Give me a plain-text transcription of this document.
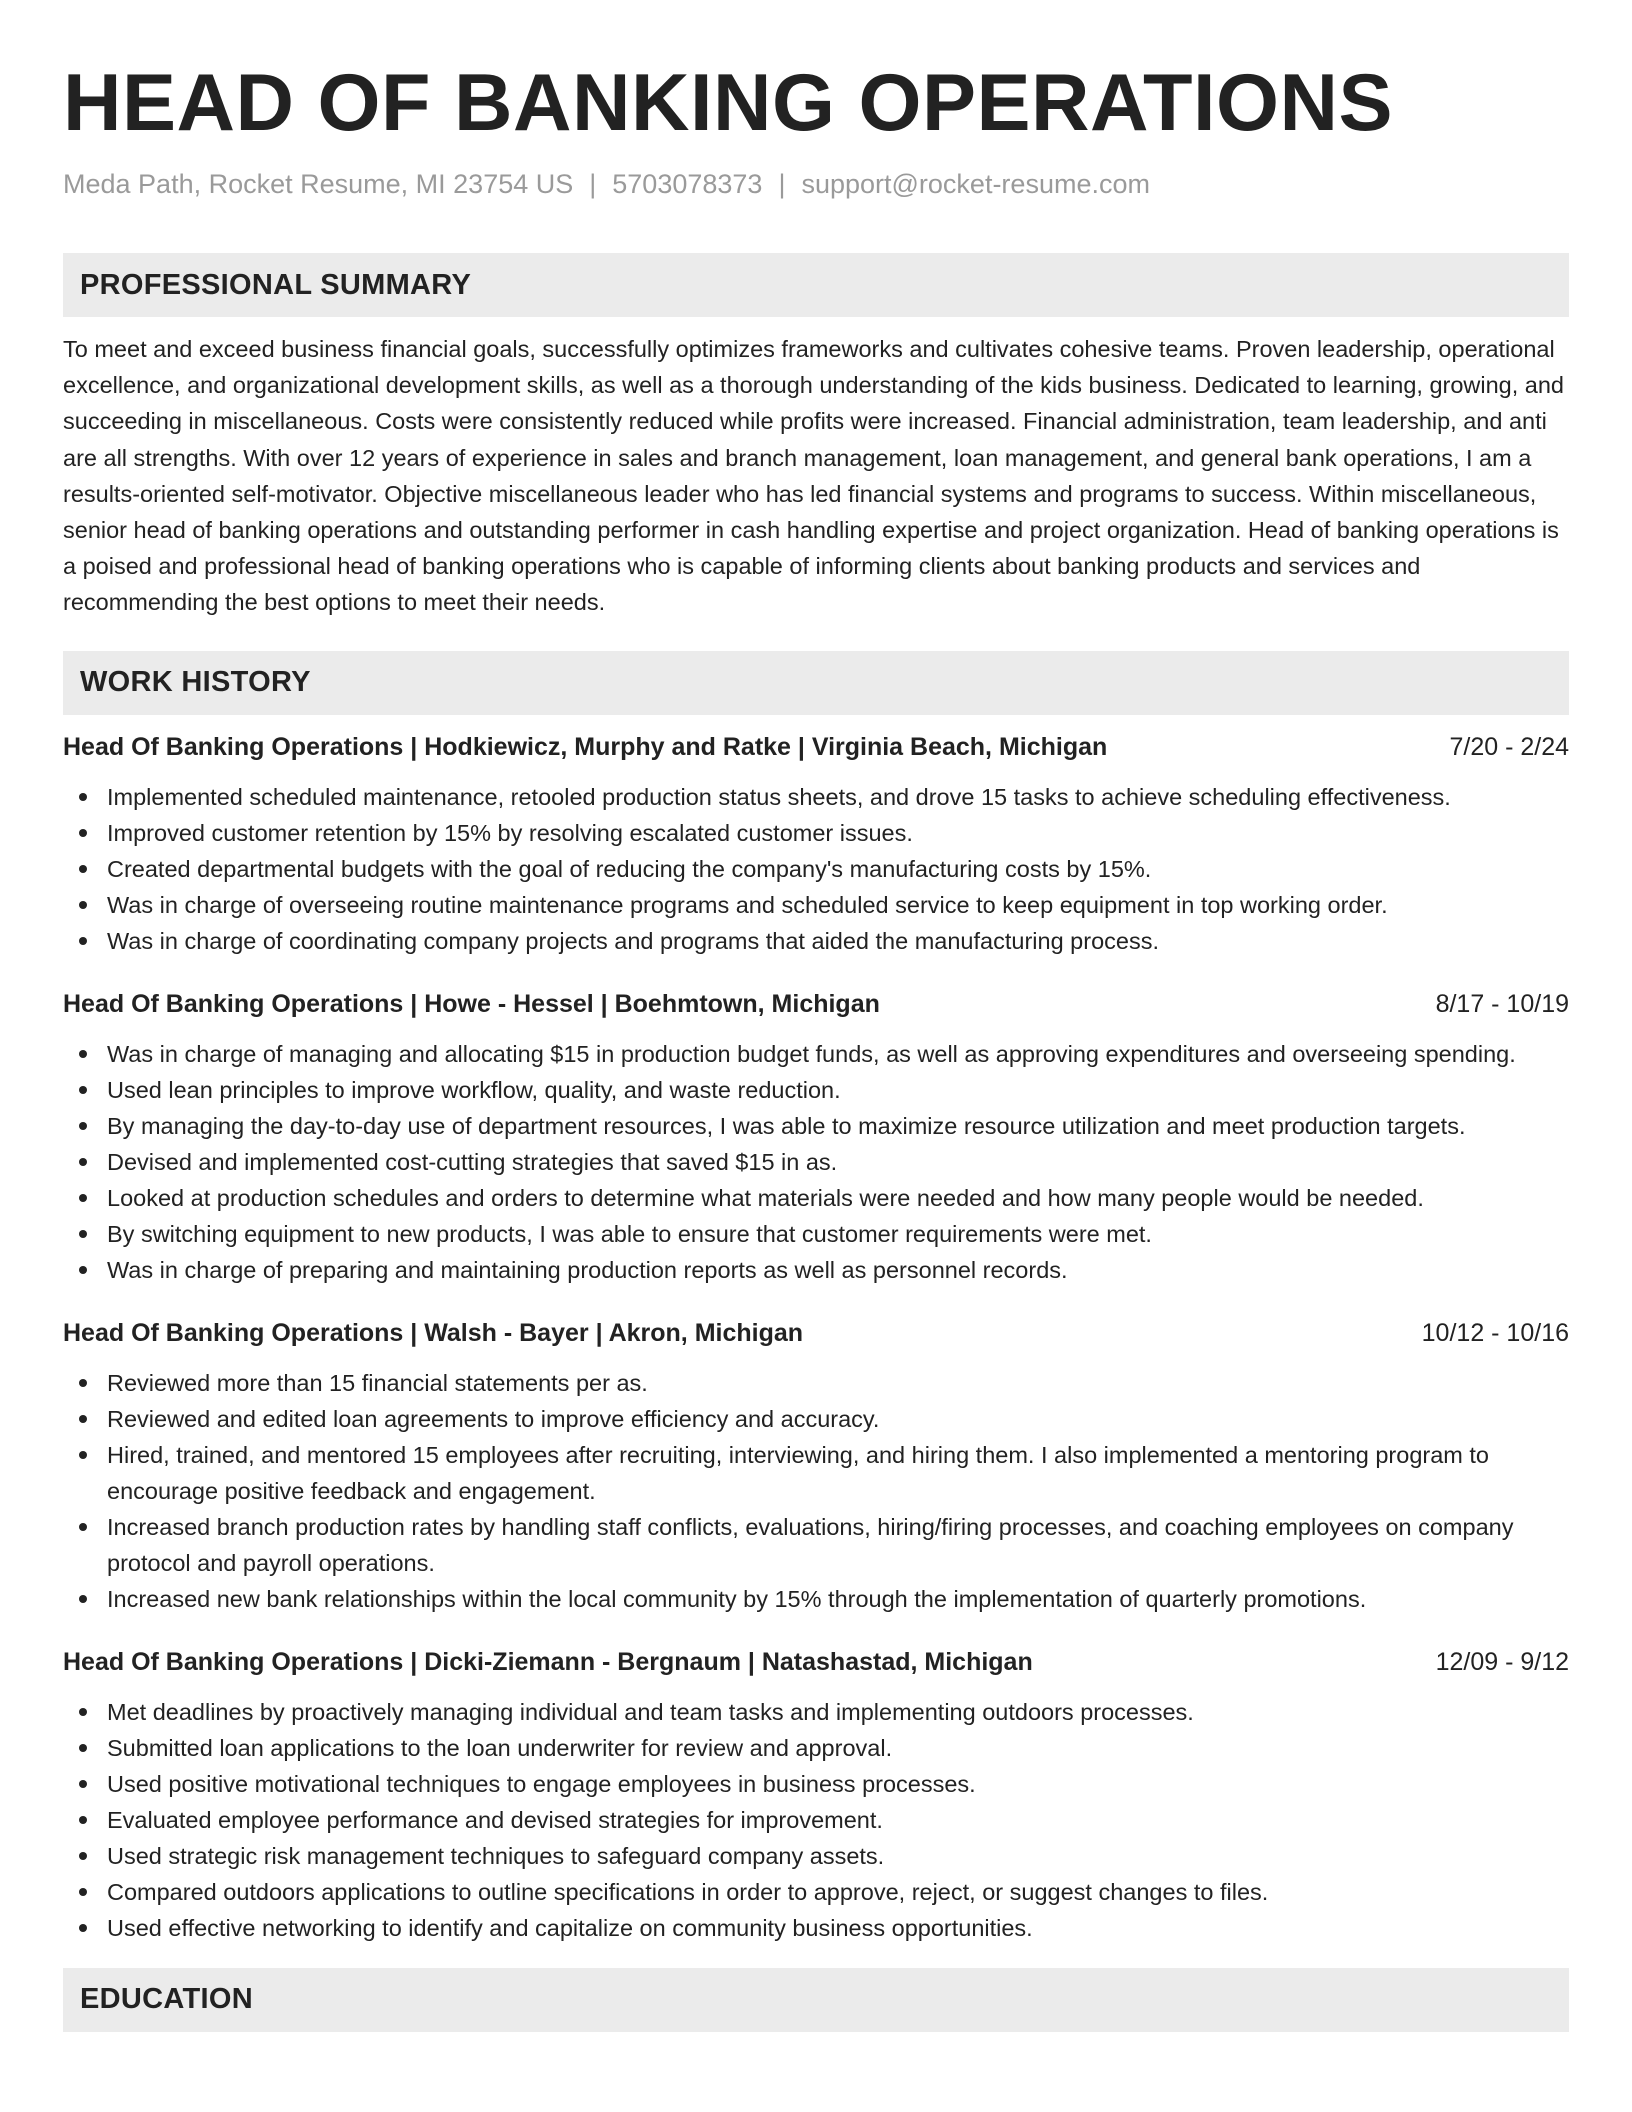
HEAD OF BANKING OPERATIONS
Meda Path, Rocket Resume, MI 23754 US | 5703078373 | support@rocket-resume.com
PROFESSIONAL SUMMARY
To meet and exceed business financial goals, successfully optimizes frameworks and cultivates cohesive teams. Proven leadership, operational excellence, and organizational development skills, as well as a thorough understanding of the kids business. Dedicated to learning, growing, and succeeding in miscellaneous. Costs were consistently reduced while profits were increased. Financial administration, team leadership, and anti are all strengths. With over 12 years of experience in sales and branch management, loan management, and general bank operations, I am a results-oriented self-motivator. Objective miscellaneous leader who has led financial systems and programs to success. Within miscellaneous, senior head of banking operations and outstanding performer in cash handling expertise and project organization. Head of banking operations is a poised and professional head of banking operations who is capable of informing clients about banking products and services and recommending the best options to meet their needs.
WORK HISTORY
Head Of Banking Operations | Hodkiewicz, Murphy and Ratke | Virginia Beach, Michigan	7/20 - 2/24
Implemented scheduled maintenance, retooled production status sheets, and drove 15 tasks to achieve scheduling effectiveness.
Improved customer retention by 15% by resolving escalated customer issues.
Created departmental budgets with the goal of reducing the company's manufacturing costs by 15%.
Was in charge of overseeing routine maintenance programs and scheduled service to keep equipment in top working order.
Was in charge of coordinating company projects and programs that aided the manufacturing process.
Head Of Banking Operations | Howe - Hessel | Boehmtown, Michigan	8/17 - 10/19
Was in charge of managing and allocating $15 in production budget funds, as well as approving expenditures and overseeing spending.
Used lean principles to improve workflow, quality, and waste reduction.
By managing the day-to-day use of department resources, I was able to maximize resource utilization and meet production targets.
Devised and implemented cost-cutting strategies that saved $15 in as.
Looked at production schedules and orders to determine what materials were needed and how many people would be needed.
By switching equipment to new products, I was able to ensure that customer requirements were met.
Was in charge of preparing and maintaining production reports as well as personnel records.
Head Of Banking Operations | Walsh - Bayer | Akron, Michigan	10/12 - 10/16
Reviewed more than 15 financial statements per as.
Reviewed and edited loan agreements to improve efficiency and accuracy.
Hired, trained, and mentored 15 employees after recruiting, interviewing, and hiring them. I also implemented a mentoring program to encourage positive feedback and engagement.
Increased branch production rates by handling staff conflicts, evaluations, hiring/firing processes, and coaching employees on company protocol and payroll operations.
Increased new bank relationships within the local community by 15% through the implementation of quarterly promotions.
Head Of Banking Operations | Dicki-Ziemann - Bergnaum | Natashastad, Michigan	12/09 - 9/12
Met deadlines by proactively managing individual and team tasks and implementing outdoors processes.
Submitted loan applications to the loan underwriter for review and approval.
Used positive motivational techniques to engage employees in business processes.
Evaluated employee performance and devised strategies for improvement.
Used strategic risk management techniques to safeguard company assets.
Compared outdoors applications to outline specifications in order to approve, reject, or suggest changes to files.
Used effective networking to identify and capitalize on community business opportunities.
EDUCATION
